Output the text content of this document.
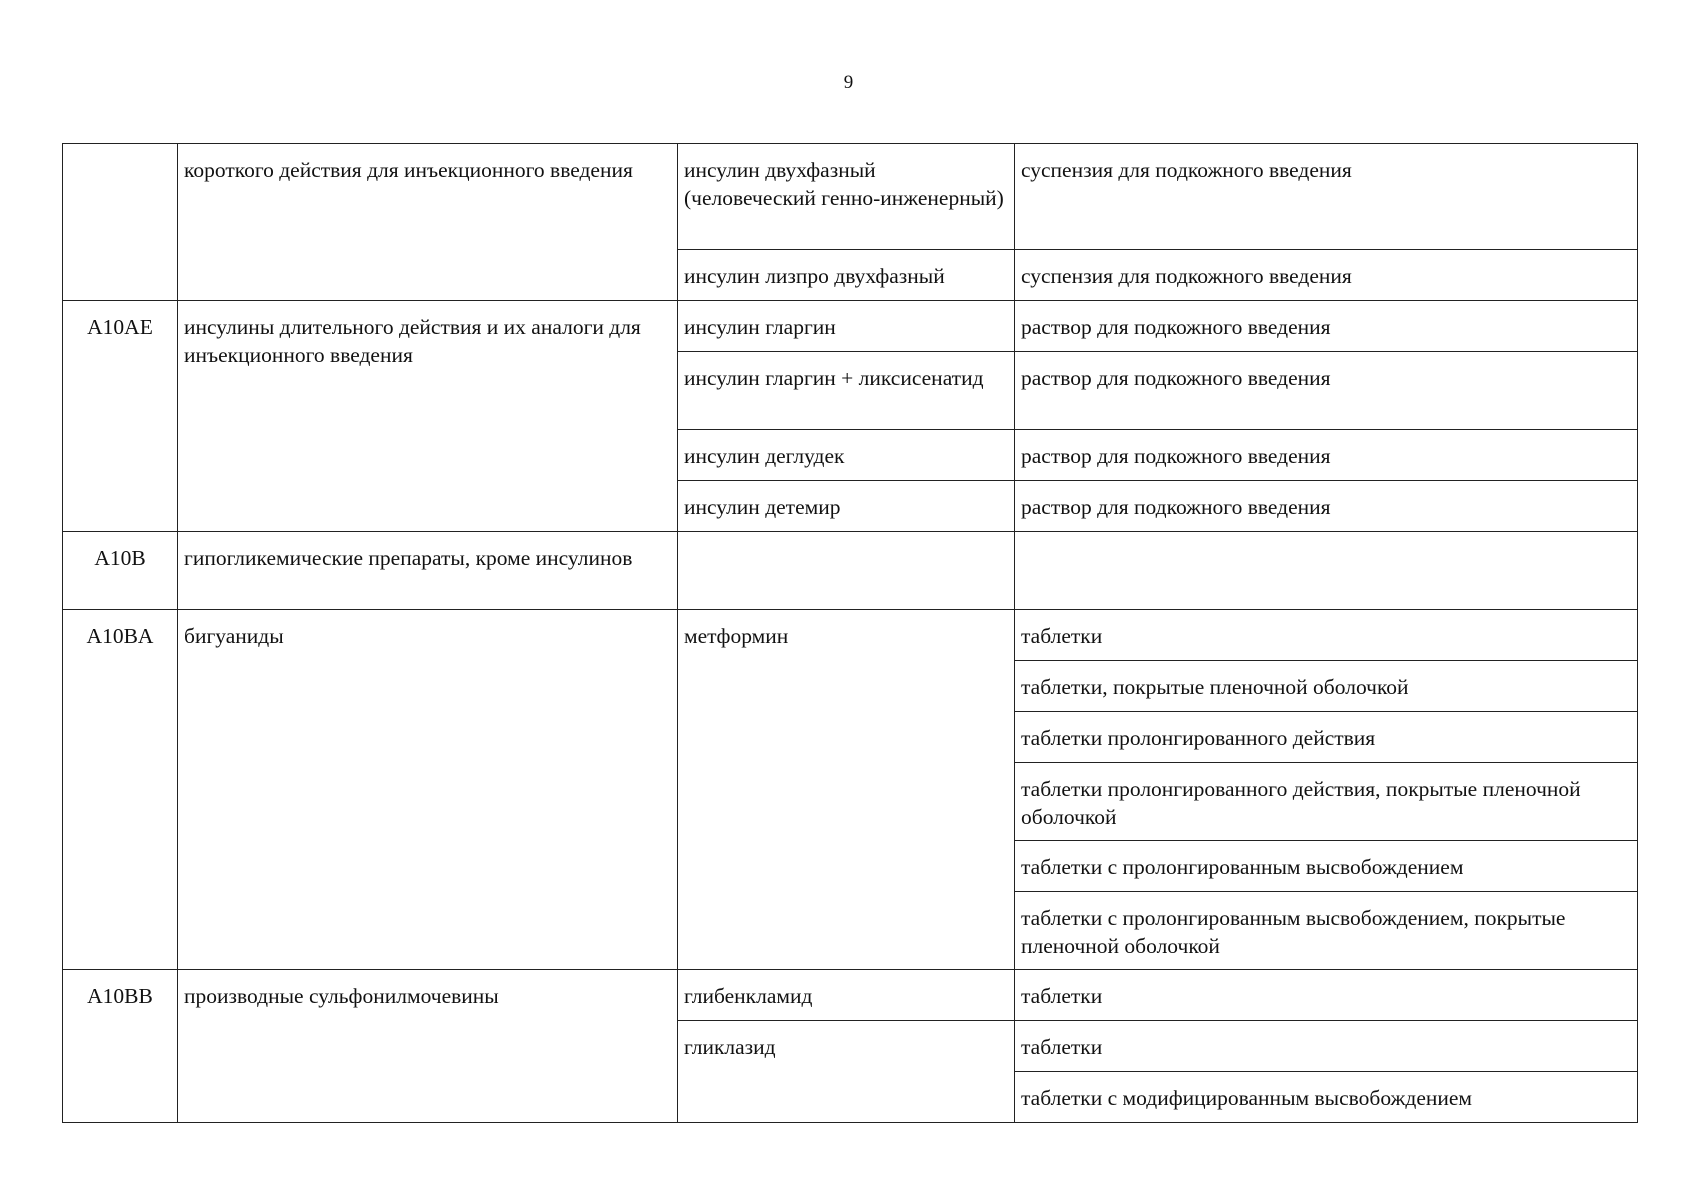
9
	короткого действия для инъекционного введения	инсулин двухфазный (человеческий генно-инженерный)	суспензия для подкожного введения
		инсулин лизпро двухфазный	суспензия для подкожного введения
A10AE	инсулины длительного действия и их аналоги для инъекционного введения	инсулин гларгин	раствор для подкожного введения
		инсулин гларгин + ликсисенатид	раствор для подкожного введения
		инсулин деглудек	раствор для подкожного введения
		инсулин детемир	раствор для подкожного введения
A10B	гипогликемические препараты, кроме инсулинов		
A10BA	бигуаниды	метформин	таблетки
			таблетки, покрытые пленочной оболочкой
			таблетки пролонгированного действия
			таблетки пролонгированного действия, покрытые пленочной оболочкой
			таблетки с пролонгированным высвобождением
			таблетки с пролонгированным высвобождением, покрытые пленочной оболочкой
A10BB	производные сульфонилмочевины	глибенкламид	таблетки
		гликлазид	таблетки
			таблетки с модифицированным высвобождением
